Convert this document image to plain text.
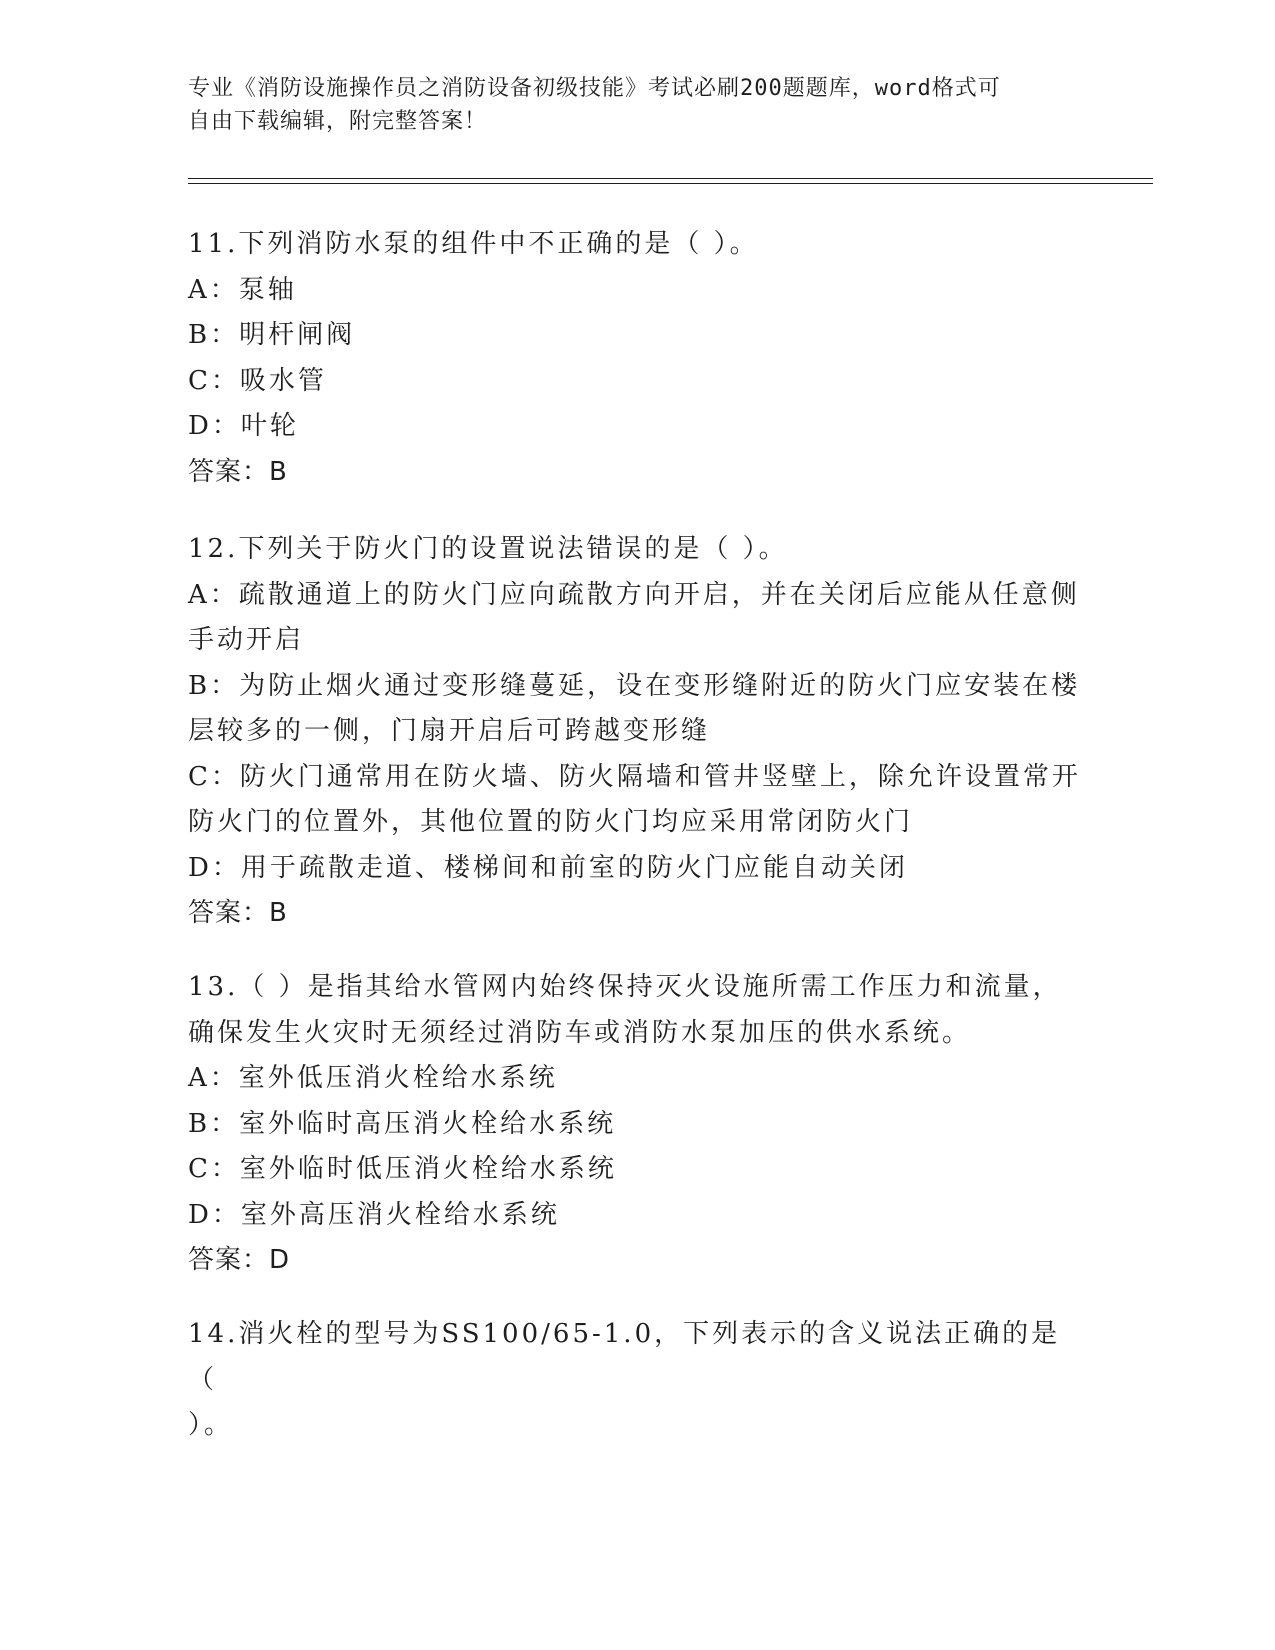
专业《消防设施操作员之消防设备初级技能》考试必刷200题题库，word格式可
自由下载编辑，附完整答案！

11.下列消防水泵的组件中不正确的是（ ）。

A：泵轴

B：明杆闸阀

C：吸水管

D：叶轮

答案：B

12.下列关于防火门的设置说法错误的是（ ）。

A：疏散通道上的防火门应向疏散方向开启，并在关闭后应能从任意侧
手动开启

B：为防止烟火通过变形缝蔓延，设在变形缝附近的防火门应安装在楼
层较多的一侧，门扇开启后可跨越变形缝

C：防火门通常用在防火墙、防火隔墙和管井竖壁上，除允许设置常开
防火门的位置外，其他位置的防火门均应采用常闭防火门

D：用于疏散走道、楼梯间和前室的防火门应能自动关闭

答案：B

13.（ ）是指其给水管网内始终保持灭火设施所需工作压力和流量，
确保发生火灾时无须经过消防车或消防水泵加压的供水系统。

A：室外低压消火栓给水系统

B：室外临时高压消火栓给水系统

C：室外临时低压消火栓给水系统

D：室外高压消火栓给水系统

答案：D

14.消火栓的型号为SS100/65-1.0，下列表示的含义说法正确的是（
）。
